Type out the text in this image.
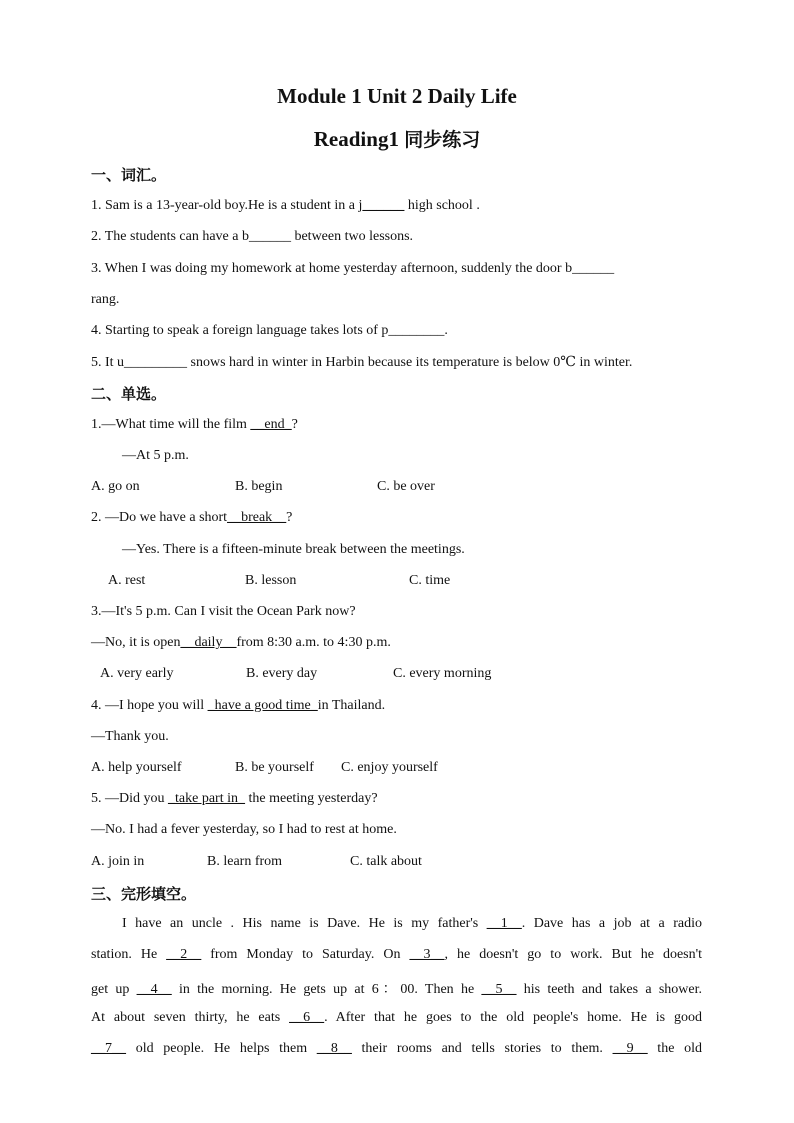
Module 1 Unit 2 Daily Life
Reading1 同步练习
一、词汇。
1. Sam is a 13-year-old boy.He is a student in a j______ high school .
2. The students can have a b______ between two lessons.
3. When I was doing my homework at home yesterday afternoon, suddenly the door b______
rang.
4. Starting to speak a foreign language takes lots of p________.
5. It u_________ snows hard in winter in Harbin because its temperature is below 0℃ in winter.
二、单选。
1.—What time will the film __end_?
—At 5 p.m.
A. go on	B. begin	C. be over
2. —Do we have a short__break__?
—Yes. There is a fifteen-minute break between the meetings.
A. rest	B. lesson	C. time
3.—It's 5 p.m. Can I visit the Ocean Park now?
—No, it is open__daily__from 8:30 a.m. to 4:30 p.m.
A. very early	B. every day	C. every morning
4. —I hope you will _have a good time_in Thailand.
—Thank you.
A. help yourself	B. be yourself C. enjoy yourself
5. —Did you _take part in_ the meeting yesterday?
—No. I had a fever yesterday, so I had to rest at home.
A. join in	B. learn from	C. talk about
三、完形填空。
I have an uncle . His name is Dave. He is my father's __1__. Dave has a job at a radio
station. He __2__ from Monday to Saturday. On __3__, he doesn't go to work. But he doesn't
get up __4__ in the morning. He gets up at 6：00. Then he __5__ his teeth and takes a shower.
At about seven thirty, he eats __6__. After that he goes to the old people's home. He is good
__7__ old people. He helps them __8__ their rooms and tells stories to them. __9__ the old
